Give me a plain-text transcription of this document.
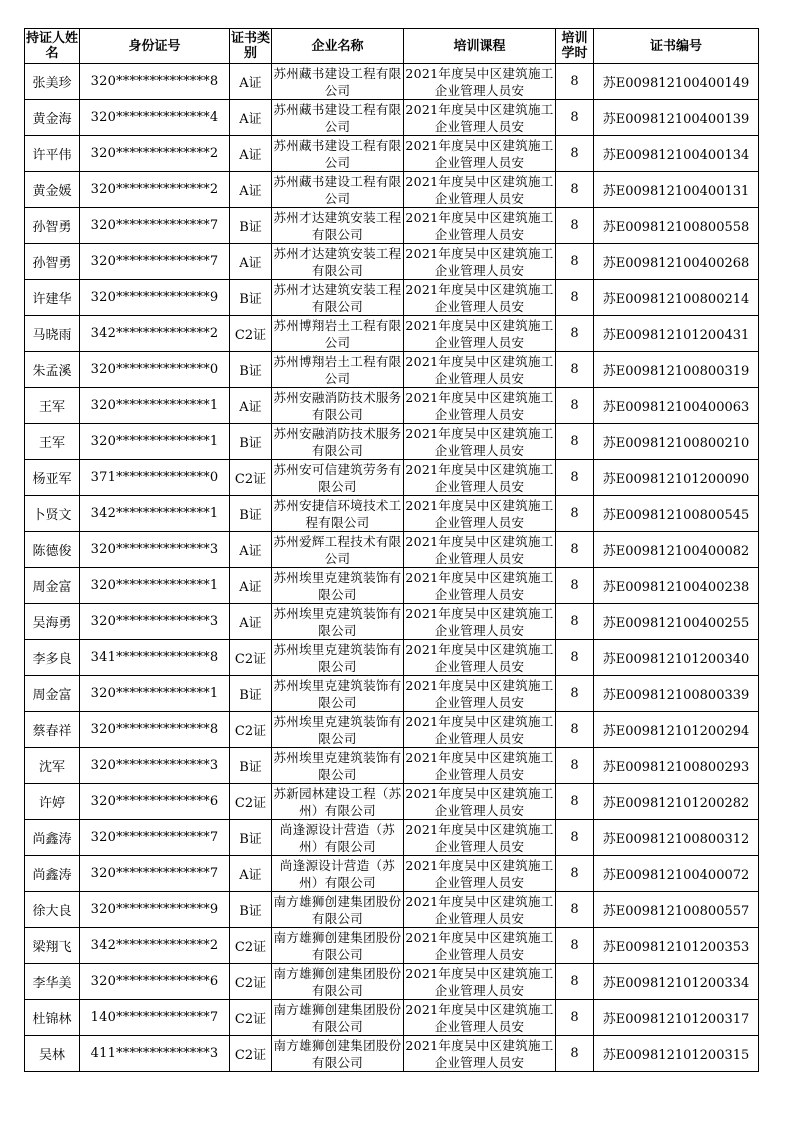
持证人姓名	身份证号	证书类别	企业名称	培训课程	培训学时	证书编号
张美珍	320**************8	A证	苏州藏书建设工程有限公司	2021年度吴中区建筑施工企业管理人员安	8	苏E009812100400149
黄金海	320**************4	A证	苏州藏书建设工程有限公司	2021年度吴中区建筑施工企业管理人员安	8	苏E009812100400139
许平伟	320**************2	A证	苏州藏书建设工程有限公司	2021年度吴中区建筑施工企业管理人员安	8	苏E009812100400134
黄金媛	320**************2	A证	苏州藏书建设工程有限公司	2021年度吴中区建筑施工企业管理人员安	8	苏E009812100400131
孙智勇	320**************7	B证	苏州才达建筑安装工程有限公司	2021年度吴中区建筑施工企业管理人员安	8	苏E009812100800558
孙智勇	320**************7	A证	苏州才达建筑安装工程有限公司	2021年度吴中区建筑施工企业管理人员安	8	苏E009812100400268
许建华	320**************9	B证	苏州才达建筑安装工程有限公司	2021年度吴中区建筑施工企业管理人员安	8	苏E009812100800214
马晓雨	342**************2	C2证	苏州博翔岩土工程有限公司	2021年度吴中区建筑施工企业管理人员安	8	苏E009812101200431
朱孟溪	320**************0	B证	苏州博翔岩土工程有限公司	2021年度吴中区建筑施工企业管理人员安	8	苏E009812100800319
王军	320**************1	A证	苏州安融消防技术服务有限公司	2021年度吴中区建筑施工企业管理人员安	8	苏E009812100400063
王军	320**************1	B证	苏州安融消防技术服务有限公司	2021年度吴中区建筑施工企业管理人员安	8	苏E009812100800210
杨亚军	371**************0	C2证	苏州安可信建筑劳务有限公司	2021年度吴中区建筑施工企业管理人员安	8	苏E009812101200090
卜贤文	342**************1	B证	苏州安捷信环境技术工程有限公司	2021年度吴中区建筑施工企业管理人员安	8	苏E009812100800545
陈德俊	320**************3	A证	苏州爱辉工程技术有限公司	2021年度吴中区建筑施工企业管理人员安	8	苏E009812100400082
周金富	320**************1	A证	苏州埃里克建筑装饰有限公司	2021年度吴中区建筑施工企业管理人员安	8	苏E009812100400238
吴海勇	320**************3	A证	苏州埃里克建筑装饰有限公司	2021年度吴中区建筑施工企业管理人员安	8	苏E009812100400255
李多良	341**************8	C2证	苏州埃里克建筑装饰有限公司	2021年度吴中区建筑施工企业管理人员安	8	苏E009812101200340
周金富	320**************1	B证	苏州埃里克建筑装饰有限公司	2021年度吴中区建筑施工企业管理人员安	8	苏E009812100800339
蔡春祥	320**************8	C2证	苏州埃里克建筑装饰有限公司	2021年度吴中区建筑施工企业管理人员安	8	苏E009812101200294
沈军	320**************3	B证	苏州埃里克建筑装饰有限公司	2021年度吴中区建筑施工企业管理人员安	8	苏E009812100800293
许婷	320**************6	C2证	苏新园林建设工程（苏州）有限公司	2021年度吴中区建筑施工企业管理人员安	8	苏E009812101200282
尚鑫涛	320**************7	B证	尚逢源设计营造（苏州）有限公司	2021年度吴中区建筑施工企业管理人员安	8	苏E009812100800312
尚鑫涛	320**************7	A证	尚逢源设计营造（苏州）有限公司	2021年度吴中区建筑施工企业管理人员安	8	苏E009812100400072
徐大良	320**************9	B证	南方雄狮创建集团股份有限公司	2021年度吴中区建筑施工企业管理人员安	8	苏E009812100800557
梁翔飞	342**************2	C2证	南方雄狮创建集团股份有限公司	2021年度吴中区建筑施工企业管理人员安	8	苏E009812101200353
李华美	320**************6	C2证	南方雄狮创建集团股份有限公司	2021年度吴中区建筑施工企业管理人员安	8	苏E009812101200334
杜锦林	140**************7	C2证	南方雄狮创建集团股份有限公司	2021年度吴中区建筑施工企业管理人员安	8	苏E009812101200317
吴林	411**************3	C2证	南方雄狮创建集团股份有限公司	2021年度吴中区建筑施工企业管理人员安	8	苏E009812101200315
